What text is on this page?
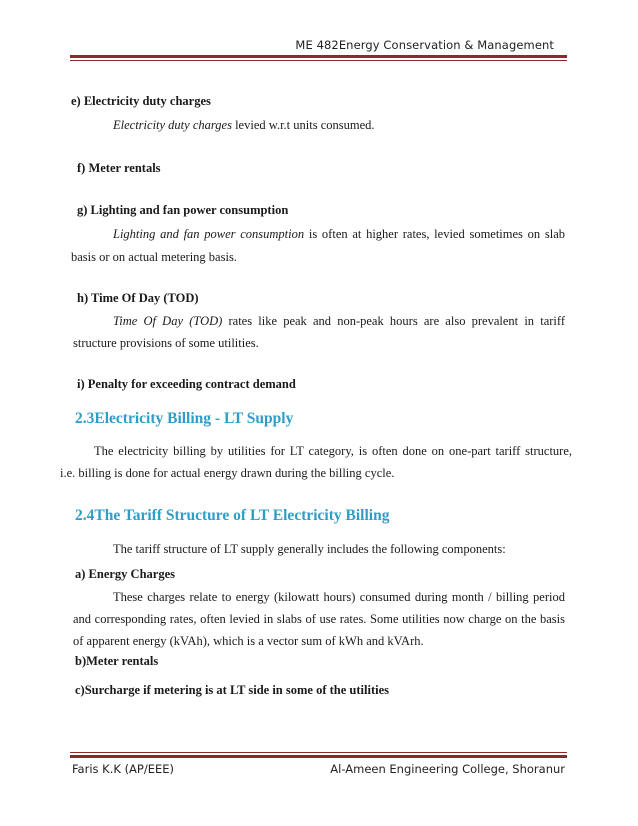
ME 482Energy Conservation & Management
e) Electricity duty charges
Electricity duty charges levied w.r.t units consumed.
f) Meter rentals
g) Lighting and fan power consumption
Lighting and fan power consumption is often at higher rates, levied sometimes on slab
basis or on actual metering basis.
h) Time Of Day (TOD)
Time Of Day (TOD) rates like peak and non-peak hours are also prevalent in tariff
structure provisions of some utilities.
i) Penalty for exceeding contract demand
2.3Electricity Billing - LT Supply
The electricity billing by utilities for LT category, is often done on one-part tariff structure,
i.e. billing is done for actual energy drawn during the billing cycle.
2.4The Tariff Structure of LT Electricity Billing
The tariff structure of LT supply generally includes the following components:
a) Energy Charges
These charges relate to energy (kilowatt hours) consumed during month / billing period
and corresponding rates, often levied in slabs of use rates. Some utilities now charge on the basis
of apparent energy (kVAh), which is a vector sum of kWh and kVArh.
b)Meter rentals
c)Surcharge if metering is at LT side in some of the utilities
Faris K.K (AP/EEE)	Al-Ameen Engineering College, Shoranur
